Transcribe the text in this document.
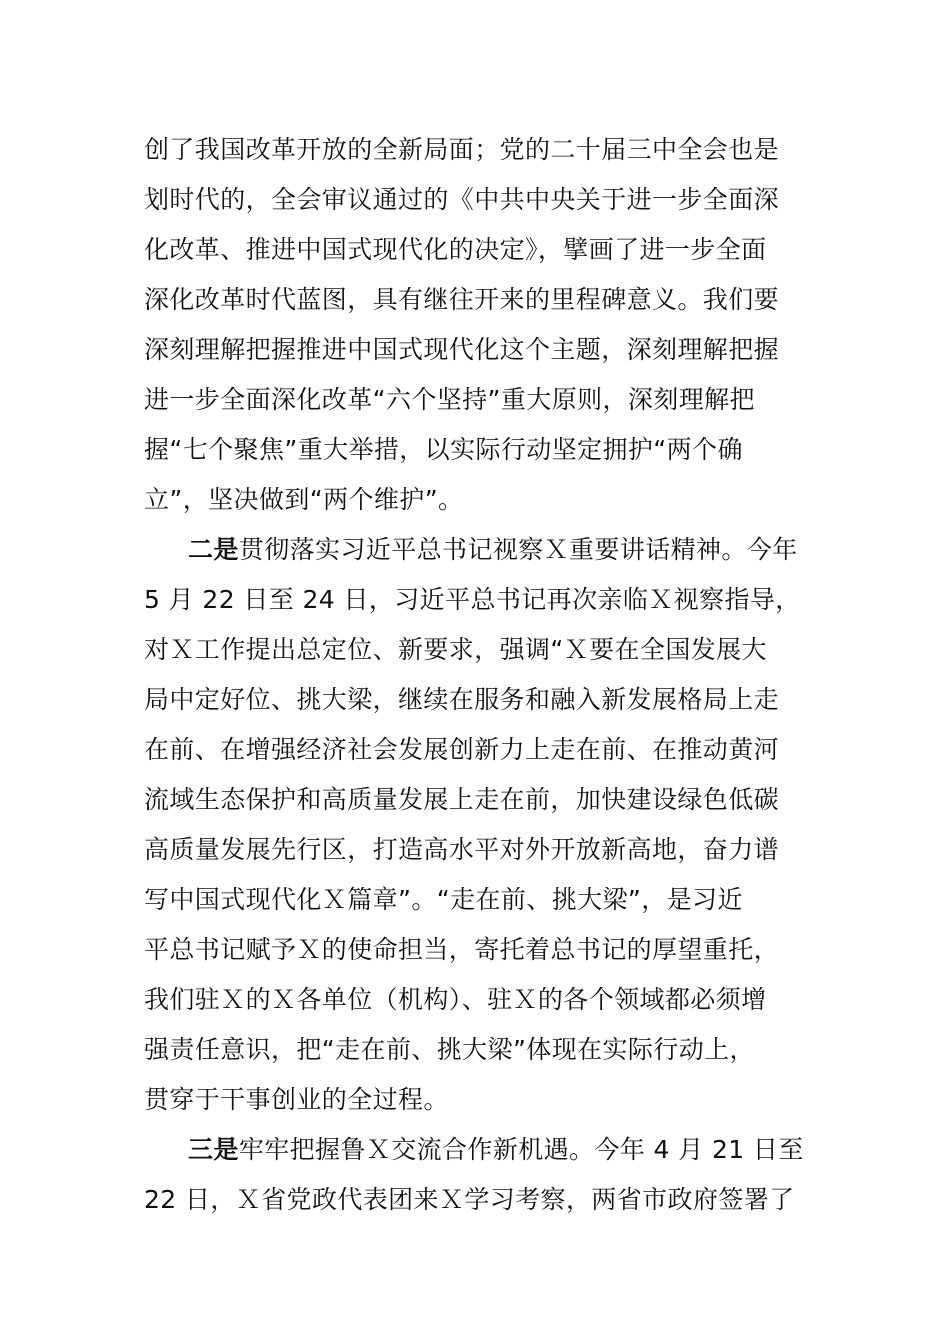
创了我国改革开放的全新局面；党的二十届三中全会也是
划时代的，全会审议通过的《中共中央关于进一步全面深
化改革、推进中国式现代化的决定》，擘画了进一步全面
深化改革时代蓝图，具有继往开来的里程碑意义。我们要
深刻理解把握推进中国式现代化这个主题，深刻理解把握
进一步全面深化改革“六个坚持”重大原则，深刻理解把
握“七个聚焦”重大举措，以实际行动坚定拥护“两个确
立”，坚决做到“两个维护”。
二是贯彻落实习近平总书记视察Ｘ重要讲话精神。今年
5 月 22 日至 24 日，习近平总书记再次亲临Ｘ视察指导，
对Ｘ工作提出总定位、新要求，强调“Ｘ要在全国发展大
局中定好位、挑大梁，继续在服务和融入新发展格局上走
在前、在增强经济社会发展创新力上走在前、在推动黄河
流域生态保护和高质量发展上走在前，加快建设绿色低碳
高质量发展先行区，打造高水平对外开放新高地，奋力谱
写中国式现代化Ｘ篇章”。“走在前、挑大梁”，是习近
平总书记赋予Ｘ的使命担当，寄托着总书记的厚望重托，
我们驻Ｘ的Ｘ各单位（机构）、驻Ｘ的各个领域都必须增
强责任意识，把“走在前、挑大梁”体现在实际行动上，
贯穿于干事创业的全过程。
三是牢牢把握鲁Ｘ交流合作新机遇。今年 4 月 21 日至
22 日，Ｘ省党政代表团来Ｘ学习考察，两省市政府签署了
